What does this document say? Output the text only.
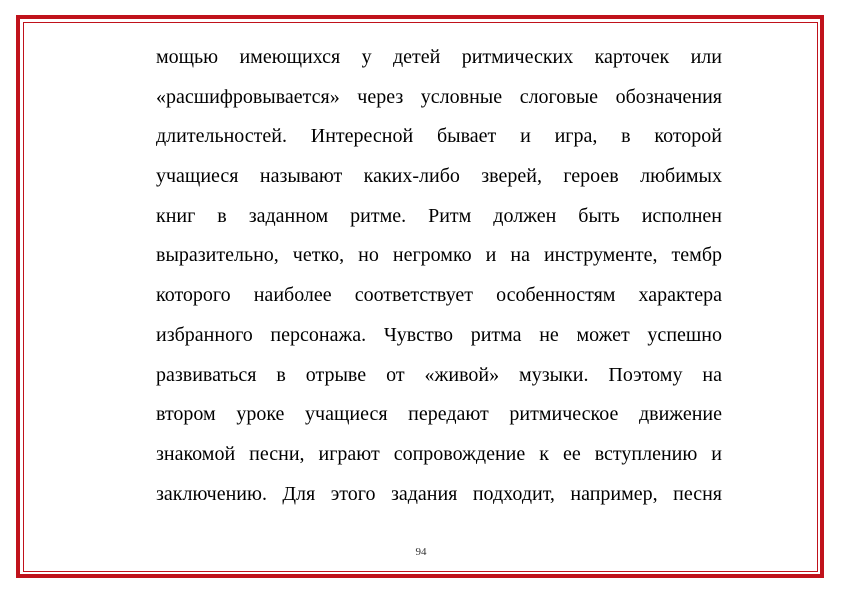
мощью имеющихся у детей ритмических карточек или
«расшифровывается» через условные слоговые обозначения
длительностей. Интересной бывает и игра, в которой
учащиеся называют каких-либо зверей, героев любимых
книг в заданном ритме. Ритм должен быть исполнен
выразительно, четко, но негромко и на инструменте, тембр
которого наиболее соответствует особенностям характера
избранного персонажа. Чувство ритма не может успешно
развиваться в отрыве от «живой» музыки. Поэтому на
втором уроке учащиеся передают ритмическое движение
знакомой песни, играют сопровождение к ее вступлению и
заключению. Для этого задания подходит, например, песня
94
